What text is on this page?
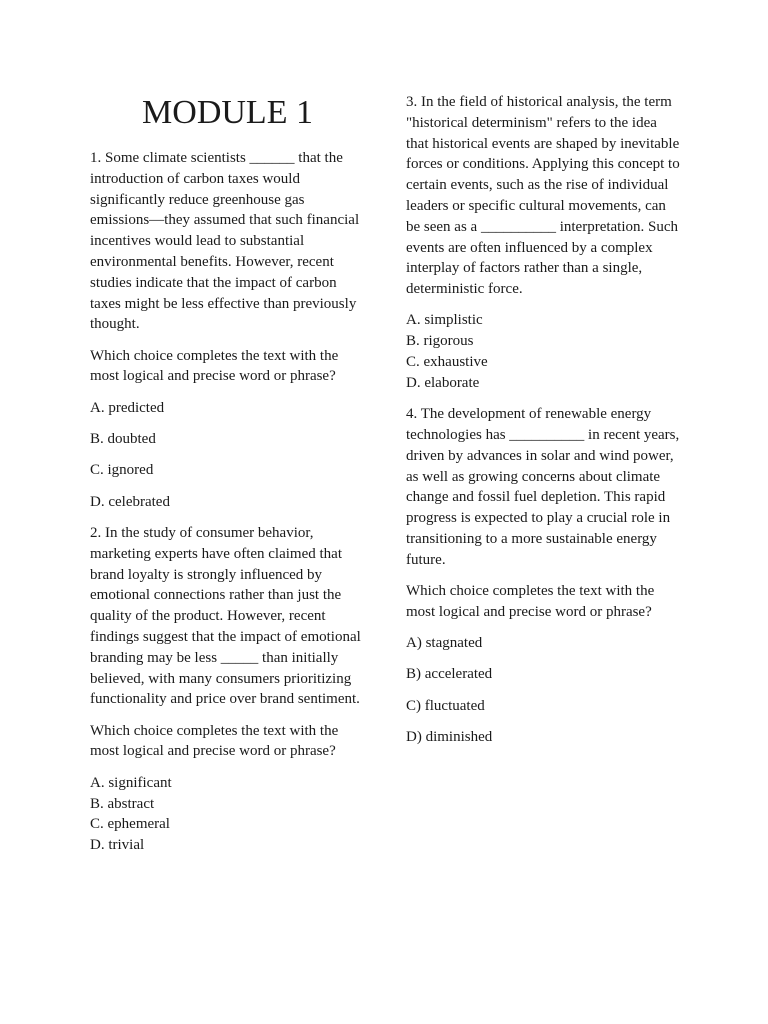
MODULE 1

1. Some climate scientists ______ that the introduction of carbon taxes would significantly reduce greenhouse gas emissions—they assumed that such financial incentives would lead to substantial environmental benefits. However, recent studies indicate that the impact of carbon taxes might be less effective than previously thought.

Which choice completes the text with the most logical and precise word or phrase?

A. predicted

B. doubted

C. ignored

D. celebrated

2. In the study of consumer behavior, marketing experts have often claimed that brand loyalty is strongly influenced by emotional connections rather than just the quality of the product. However, recent findings suggest that the impact of emotional branding may be less _____ than initially believed, with many consumers prioritizing functionality and price over brand sentiment.

Which choice completes the text with the most logical and precise word or phrase?

A. significant

B. abstract

C. ephemeral

D. trivial

3. In the field of historical analysis, the term "historical determinism" refers to the idea that historical events are shaped by inevitable forces or conditions. Applying this concept to certain events, such as the rise of individual leaders or specific cultural movements, can be seen as a __________ interpretation. Such events are often influenced by a complex interplay of factors rather than a single, deterministic force.

A. simplistic

B. rigorous

C. exhaustive

D. elaborate

4. The development of renewable energy technologies has __________ in recent years, driven by advances in solar and wind power, as well as growing concerns about climate change and fossil fuel depletion. This rapid progress is expected to play a crucial role in transitioning to a more sustainable energy future.

Which choice completes the text with the most logical and precise word or phrase?

A) stagnated

B) accelerated

C) fluctuated

D) diminished
